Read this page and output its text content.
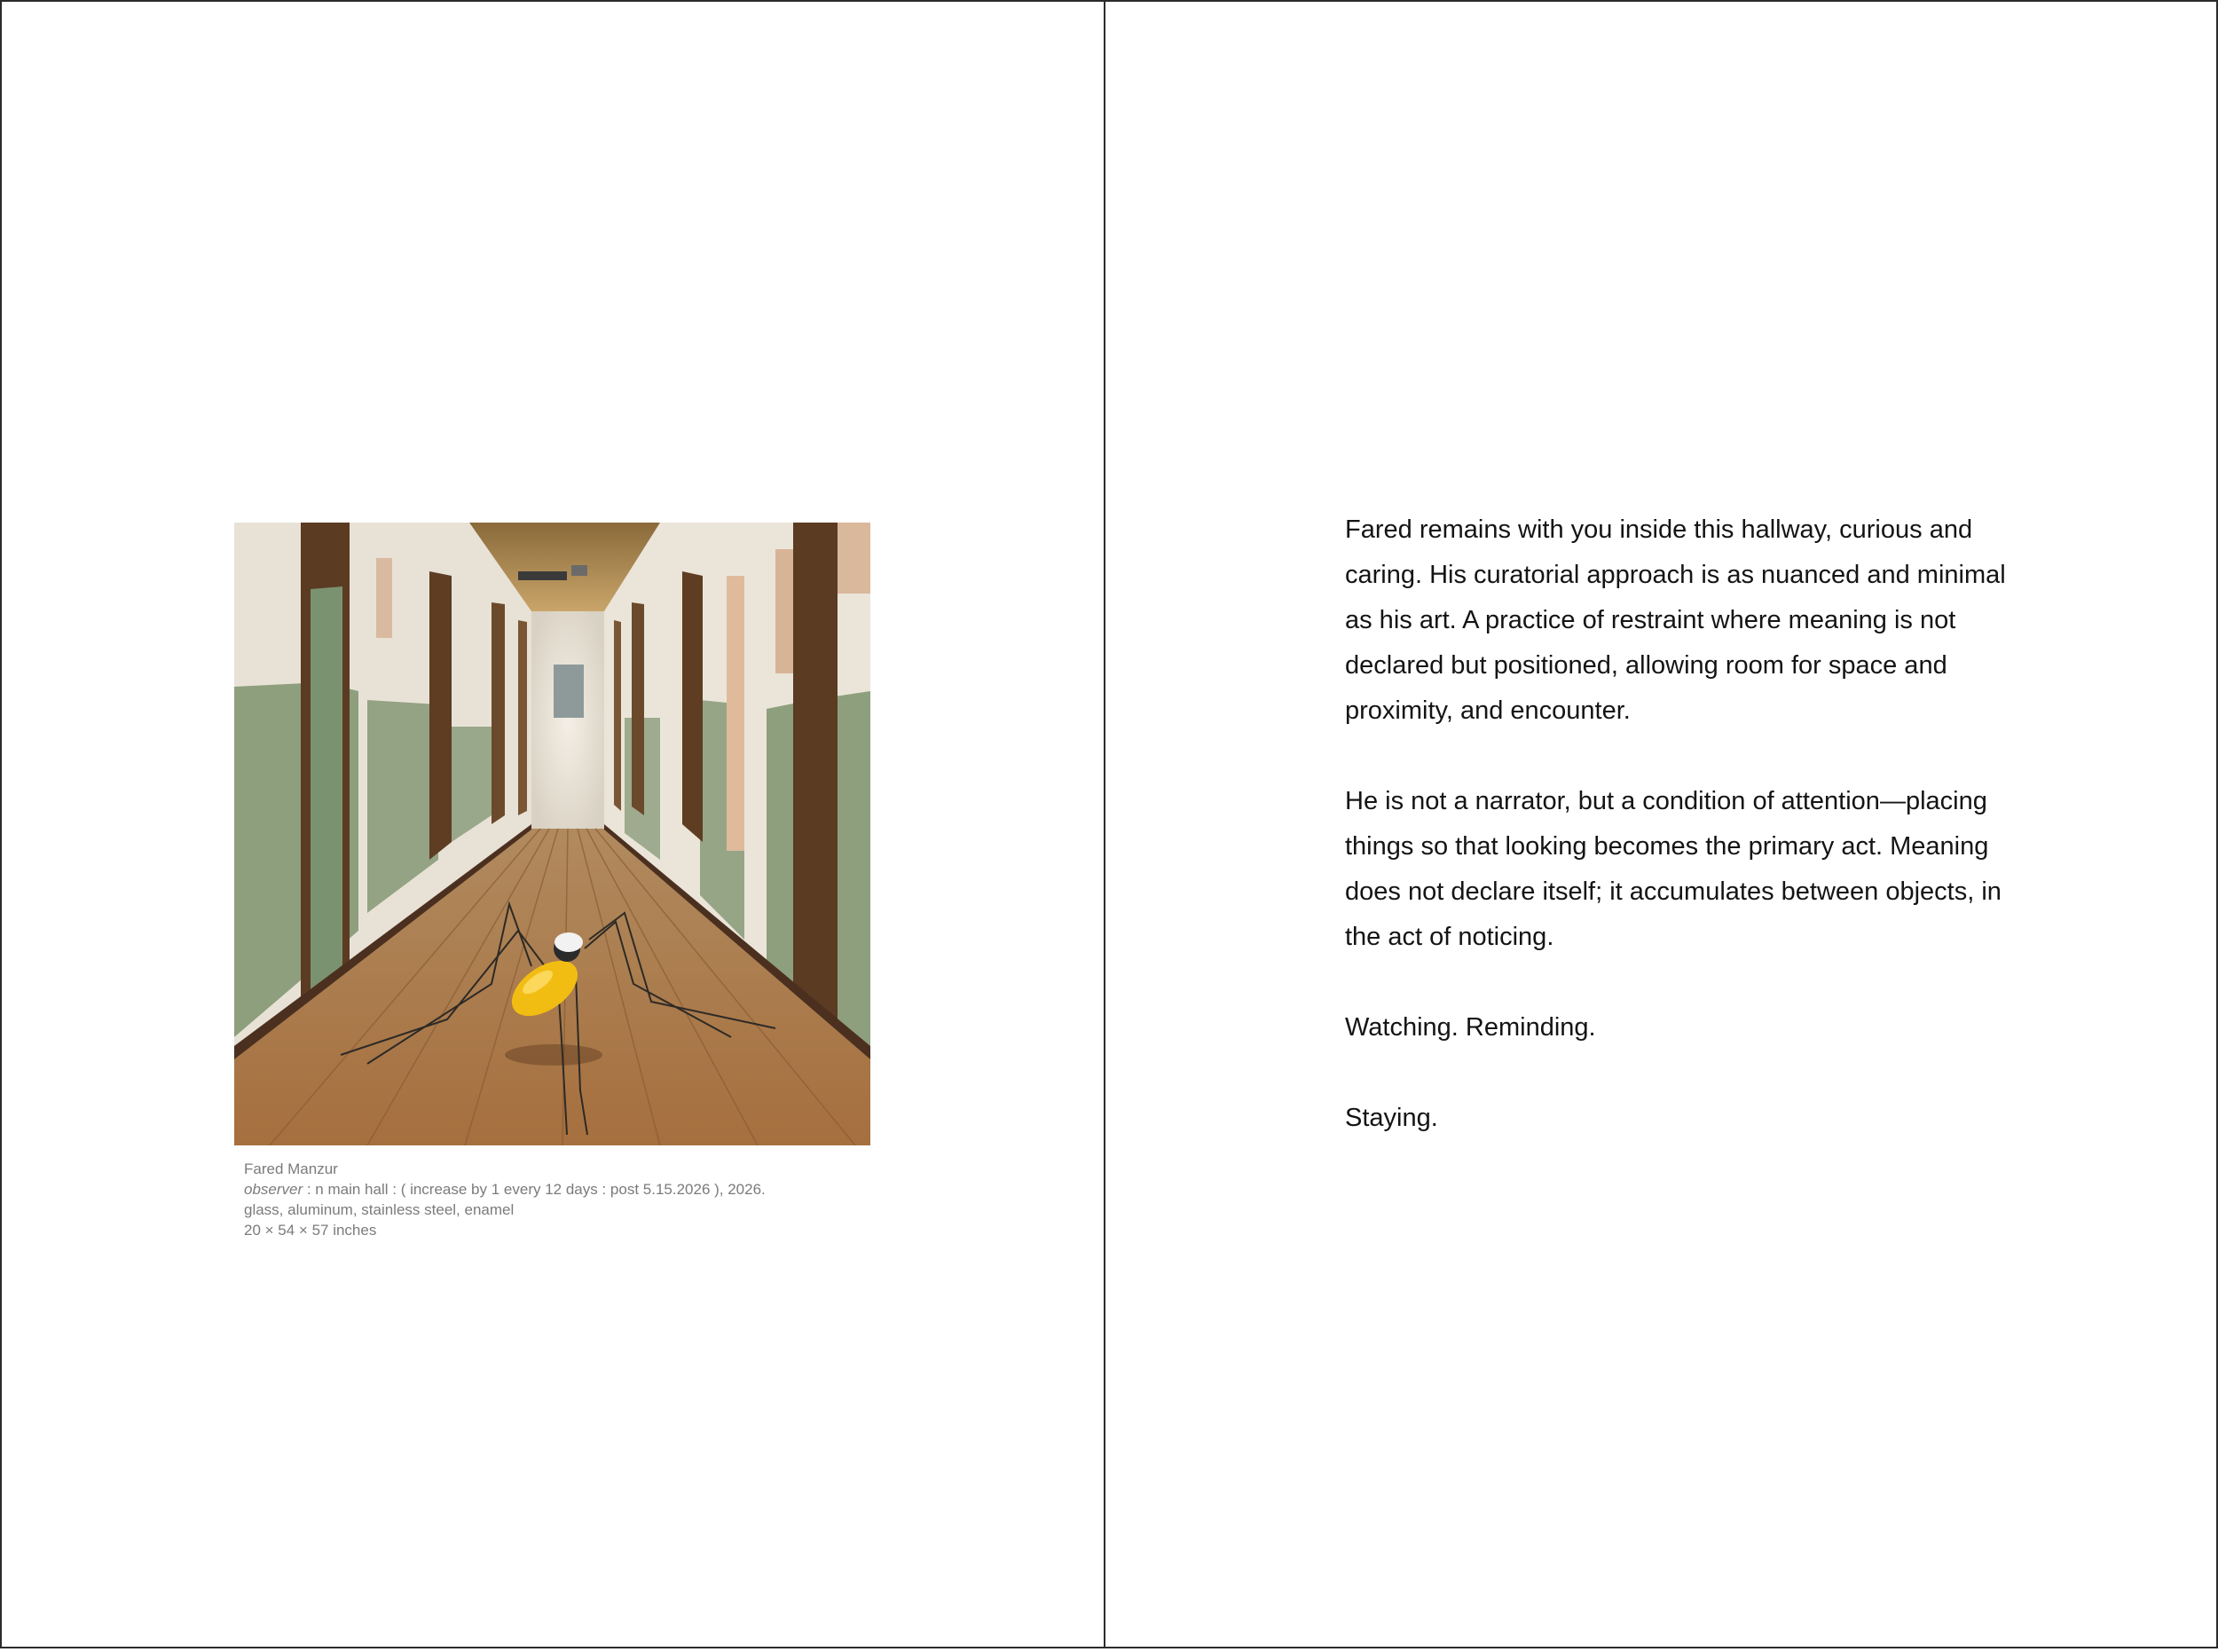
Fared Manzur
observer : n main hall : ( increase by 1 every 12 days : post 5.15.2026 ), 2026.
glass, aluminum, stainless steel, enamel
20 × 54 × 57 inches

Fared remains with you inside this hallway, curious and caring. His curatorial approach is as nuanced and minimal as his art. A practice of restraint where meaning is not declared but positioned, allowing room for space and proximity, and encounter.

He is not a narrator, but a condition of attention—placing things so that looking becomes the primary act. Meaning does not declare itself; it accumulates between objects, in the act of noticing.

Watching. Reminding.

Staying.
